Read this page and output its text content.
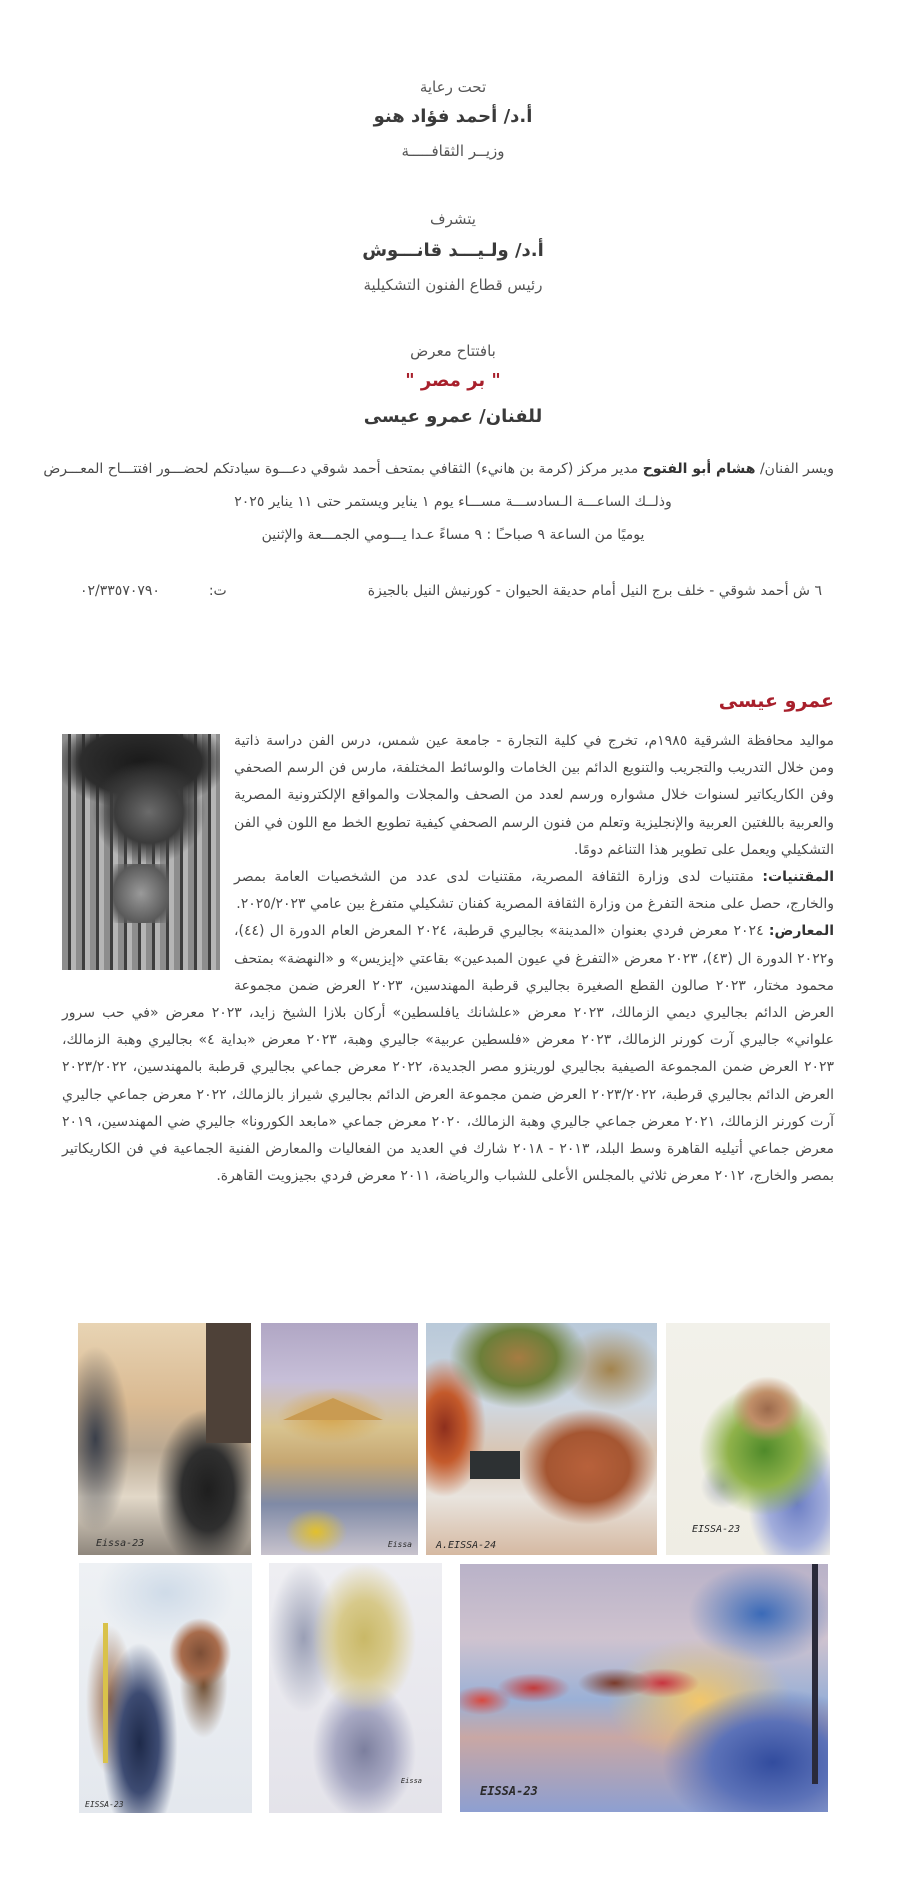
تحت رعاية
أ.د/ أحمد فؤاد هنو
وزيــر الثقافـــــة
يتشرف
أ.د/ ولـيـــد قانـــوش
رئيس قطاع الفنون التشكيلية
بافتتاح معرض
" بر مصر "
للفنان/ عمرو عيسى
ويسر الفنان/ هشام أبو الفتوح مدير مركز (كرمة بن هانيء) الثقافي بمتحف أحمد شوقي دعـــوة سيادتكم لحضـــور افتتـــاح المعـــرض
وذلــك الساعـــة الـسادســـة مســـاء يوم ١ يناير ويستمر حتى ١١ يناير ٢٠٢٥
يوميًا من الساعة ٩ صباحـًا : ٩ مساءً عـدا يـــومي الجمـــعة والإثنين
٦ ش أحمد شوقي - خلف برج النيل أمام حديقة الحيوان - كورنيش النيل بالجيزة
ت:  ٠٢/٣٣٥٧٠٧٩٠
عمرو عيسى

مواليد محافظة الشرقية ١٩٨٥م، تخرج في كلية التجارة - جامعة عين شمس، درس الفن دراسة ذاتية ومن خلال التدريب والتجريب والتنويع الدائم بين الخامات والوسائط المختلفة، مارس فن الرسم الصحفي وفن الكاريكاتير لسنوات خلال مشواره ورسم لعدد من الصحف والمجلات والمواقع الإلكترونية المصرية والعربية باللغتين العربية والإنجليزية وتعلم من فنون الرسم الصحفي كيفية تطويع الخط مع اللون في الفن التشكيلي ويعمل على تطوير هذا التناغم دومًا.

المقتنيات: مقتنيات لدى وزارة الثقافة المصرية، مقتنيات لدى عدد من الشخصيات العامة بمصر والخارج، حصل على منحة التفرغ من وزارة الثقافة المصرية كفنان تشكيلي متفرغ بين عامي ٢٠٢٥/٢٠٢٣.

المعارض: ٢٠٢٤ معرض فردي بعنوان «المدينة» بجاليري قرطبة، ٢٠٢٤ المعرض العام الدورة ال (٤٤)، و٢٠٢٢ الدورة ال (٤٣)، ٢٠٢٣ معرض «التفرغ في عيون المبدعين» بقاعتي «إيزيس» و «النهضة» بمتحف محمود مختار، ٢٠٢٣ صالون القطع الصغيرة بجاليري قرطبة المهندسين، ٢٠٢٣ العرض ضمن مجموعة العرض الدائم بجاليري ديمي الزمالك، ٢٠٢٣ معرض «علشانك يافلسطين» أركان بلازا الشيخ زايد، ٢٠٢٣ معرض «في حب سرور علواني» جاليري آرت كورنر الزمالك، ٢٠٢٣ معرض «فلسطين عربية» جاليري وهبة، ٢٠٢٣ معرض «بداية ٤» بجاليري وهبة الزمالك، ٢٠٢٣ العرض ضمن المجموعة الصيفية بجاليري لورينزو مصر الجديدة، ٢٠٢٢ معرض جماعي بجاليري قرطبة بالمهندسين، ٢٠٢٣/٢٠٢٢ العرض الدائم بجاليري قرطبة، ٢٠٢٣/٢٠٢٢ العرض ضمن مجموعة العرض الدائم بجاليري شيراز بالزمالك، ٢٠٢٢ معرض جماعي جاليري آرت كورنر الزمالك، ٢٠٢١ معرض جماعي جاليري وهبة الزمالك، ٢٠٢٠ معرض جماعي «مابعد الكورونا» جاليري ضي المهندسين، ٢٠١٩ معرض جماعي أتيليه القاهرة وسط البلد، ٢٠١٣ - ٢٠١٨ شارك في العديد من الفعاليات والمعارض الفنية الجماعية في فن الكاريكاتير بمصر والخارج، ٢٠١٢ معرض ثلاثي بالمجلس الأعلى للشباب والرياضة، ٢٠١١ معرض فردي بجيزويت القاهرة.

Eissa-23	Eissa A.EISSA-24
EISSA-23
EISSA-23
Eissa
EISSA-23
